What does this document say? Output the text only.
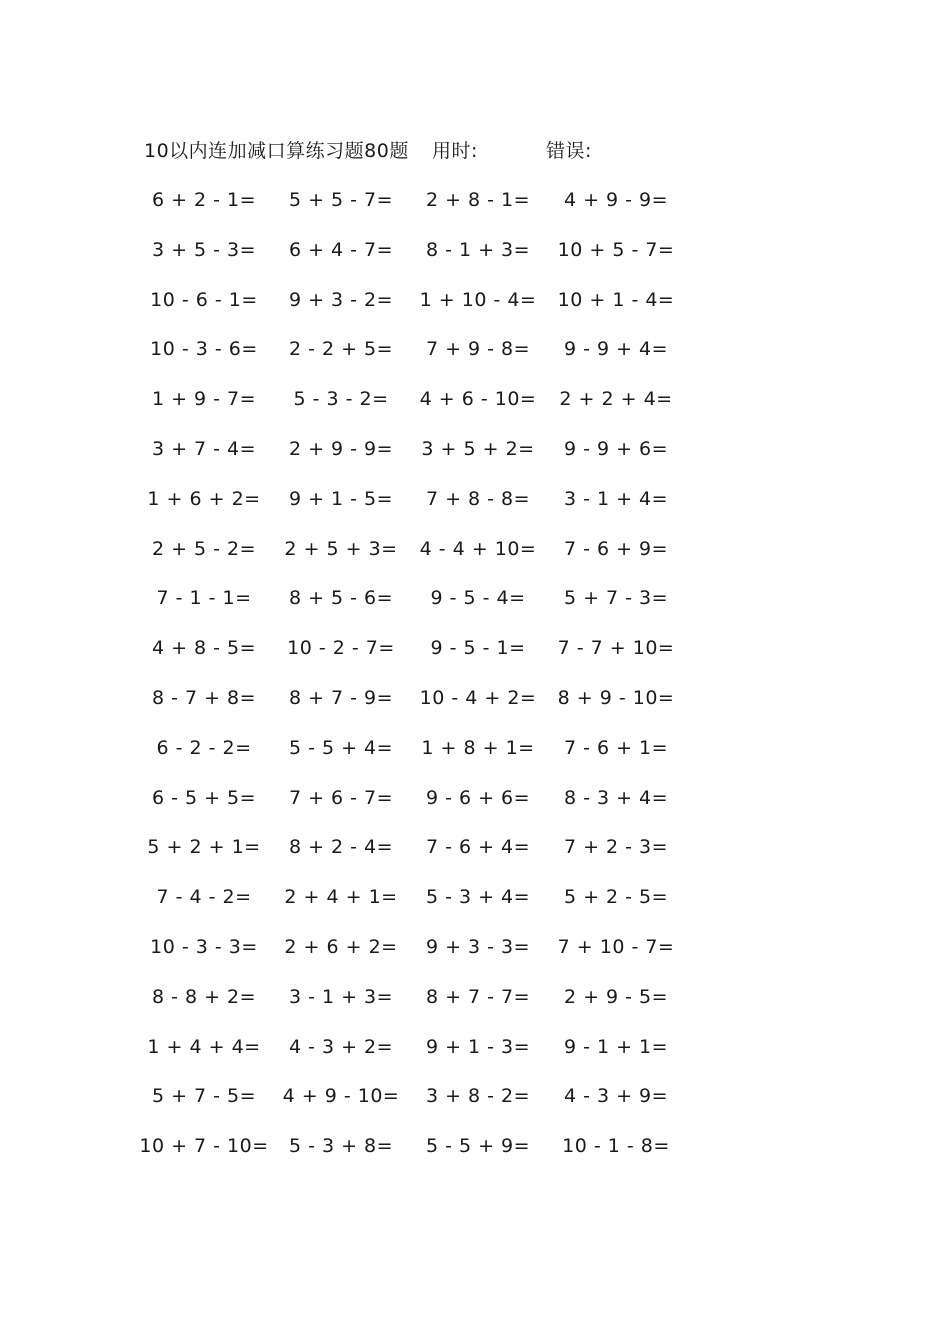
10以内连加减口算练习题80题 用时:	错误:
6 + 2 - 1=
3 + 5 - 3=
10 - 6 - 1=
10 - 3 - 6=
1 + 9 - 7=
3 + 7 - 4=
1 + 6 + 2=
2 + 5 - 2=
7 - 1 - 1=
4 + 8 - 5=
8 - 7 + 8=
6 - 2 - 2=
6 - 5 + 5=
5 + 2 + 1=
7 - 4 - 2=
10 - 3 - 3=
8 - 8 + 2=
1 + 4 + 4=
5 + 7 - 5=
10 + 7 - 10=
5 + 5 - 7=
6 + 4 - 7=
9 + 3 - 2=
2 - 2 + 5=
5 - 3 - 2=
2 + 9 - 9=
9 + 1 - 5=
2 + 5 + 3=
8 + 5 - 6=
10 - 2 - 7=
8 + 7 - 9=
5 - 5 + 4=
7 + 6 - 7=
8 + 2 - 4=
2 + 4 + 1=
2 + 6 + 2=
3 - 1 + 3=
4 - 3 + 2=
4 + 9 - 10=
5 - 3 + 8=
2 + 8 - 1=
8 - 1 + 3=
1 + 10 - 4=
7 + 9 - 8=
4 + 6 - 10=
3 + 5 + 2=
7 + 8 - 8=
4 - 4 + 10=
9 - 5 - 4=
9 - 5 - 1=
10 - 4 + 2=
1 + 8 + 1=
9 - 6 + 6=
7 - 6 + 4=
5 - 3 + 4=
9 + 3 - 3=
8 + 7 - 7=
9 + 1 - 3=
3 + 8 - 2=
5 - 5 + 9=
4 + 9 - 9=
10 + 5 - 7=
10 + 1 - 4=
9 - 9 + 4=
2 + 2 + 4=
9 - 9 + 6=
3 - 1 + 4=
7 - 6 + 9=
5 + 7 - 3=
7 - 7 + 10=
8 + 9 - 10=
7 - 6 + 1=
8 - 3 + 4=
7 + 2 - 3=
5 + 2 - 5=
7 + 10 - 7=
2 + 9 - 5=
9 - 1 + 1=
4 - 3 + 9=
10 - 1 - 8=
